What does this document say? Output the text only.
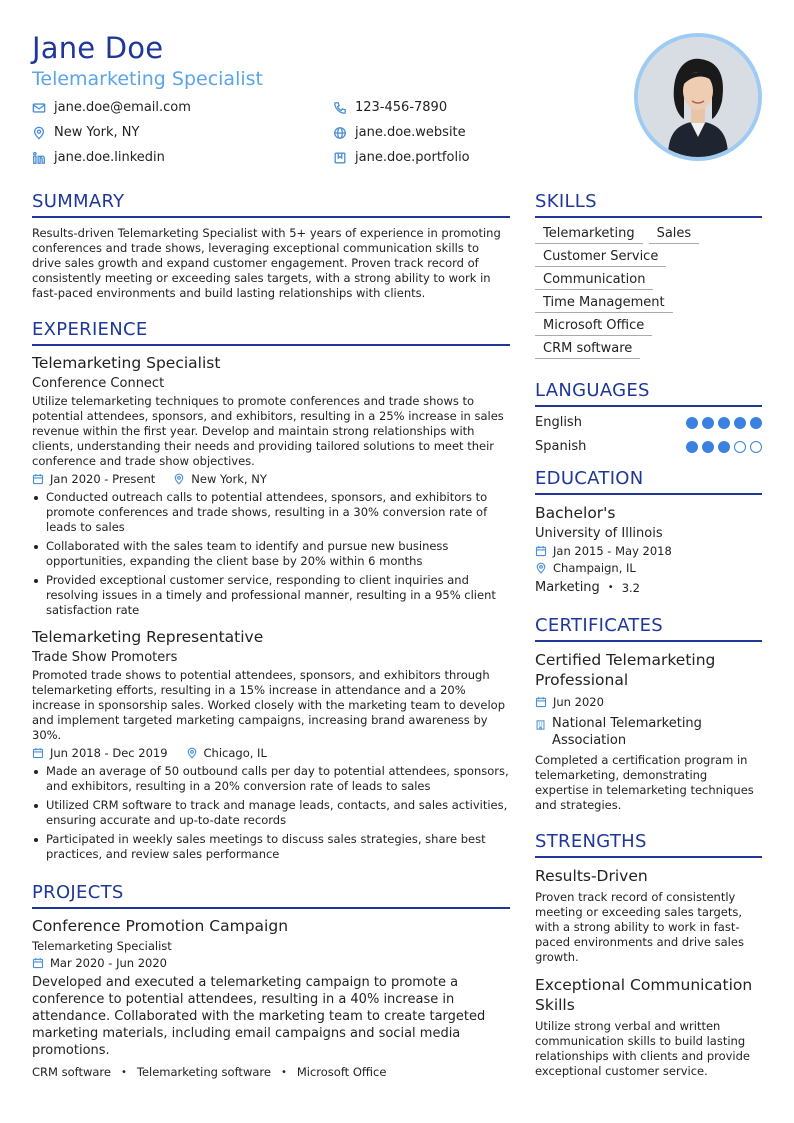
Jane Doe
Telemarketing Specialist
jane.doe@email.com	123-456-7890
New York, NY	jane.doe.website
jane.doe.linkedin	jane.doe.portfolio
SUMMARY
Results-driven Telemarketing Specialist with 5+ years of experience in promoting conferences and trade shows, leveraging exceptional communication skills to drive sales growth and expand customer engagement. Proven track record of consistently meeting or exceeding sales targets, with a strong ability to work in fast-paced environments and build lasting relationships with clients.
EXPERIENCE
Telemarketing Specialist
Conference Connect
Utilize telemarketing techniques to promote conferences and trade shows to potential attendees, sponsors, and exhibitors, resulting in a 25% increase in sales revenue within the first year. Develop and maintain strong relationships with clients, understanding their needs and providing tailored solutions to meet their conference and trade show objectives.
Jan 2020 - Present	New York, NY
Conducted outreach calls to potential attendees, sponsors, and exhibitors to promote conferences and trade shows, resulting in a 30% conversion rate of leads to sales
Collaborated with the sales team to identify and pursue new business opportunities, expanding the client base by 20% within 6 months
Provided exceptional customer service, responding to client inquiries and resolving issues in a timely and professional manner, resulting in a 95% client satisfaction rate
Telemarketing Representative
Trade Show Promoters
Promoted trade shows to potential attendees, sponsors, and exhibitors through telemarketing efforts, resulting in a 15% increase in attendance and a 20% increase in sponsorship sales. Worked closely with the marketing team to develop and implement targeted marketing campaigns, increasing brand awareness by 30%.
Jun 2018 - Dec 2019	Chicago, IL
Made an average of 50 outbound calls per day to potential attendees, sponsors, and exhibitors, resulting in a 20% conversion rate of leads to sales
Utilized CRM software to track and manage leads, contacts, and sales activities, ensuring accurate and up-to-date records
Participated in weekly sales meetings to discuss sales strategies, share best practices, and review sales performance
PROJECTS
Conference Promotion Campaign
Telemarketing Specialist
Mar 2020 - Jun 2020
Developed and executed a telemarketing campaign to promote a conference to potential attendees, resulting in a 40% increase in attendance. Collaborated with the marketing team to create targeted marketing materials, including email campaigns and social media promotions.
CRM software • Telemarketing software • Microsoft Office
SKILLS
Telemarketing	Sales
Customer Service
Communication
Time Management
Microsoft Office
CRM software
LANGUAGES
English
Spanish
EDUCATION
Bachelor's
University of Illinois
Jan 2015 - May 2018
Champaign, IL
Marketing • 3.2
CERTIFICATES
Certified Telemarketing Professional
Jun 2020
National Telemarketing Association
Completed a certification program in telemarketing, demonstrating expertise in telemarketing techniques and strategies.
STRENGTHS
Results-Driven
Proven track record of consistently meeting or exceeding sales targets, with a strong ability to work in fast-paced environments and drive sales growth.
Exceptional Communication Skills
Utilize strong verbal and written communication skills to build lasting relationships with clients and provide exceptional customer service.
